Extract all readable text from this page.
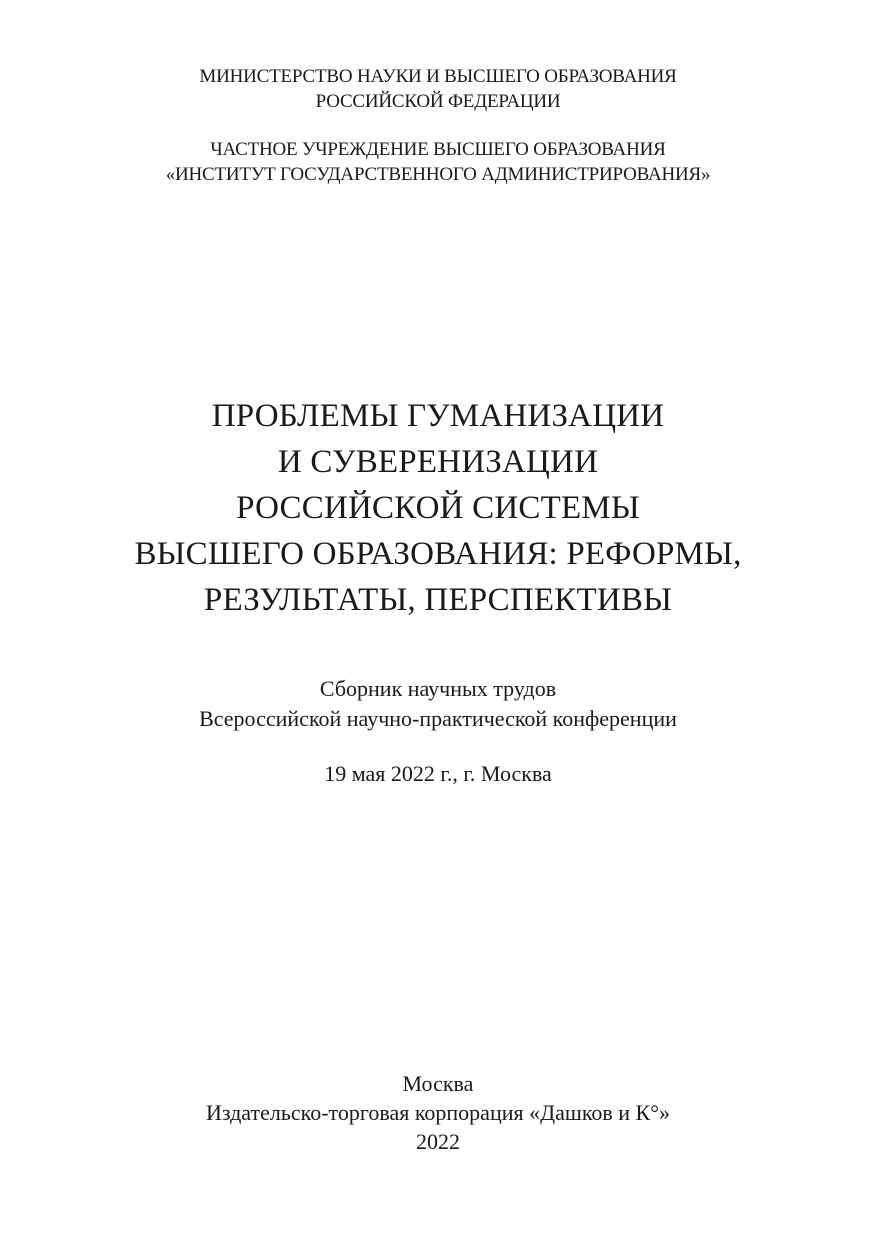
МИНИСТЕРСТВО НАУКИ И ВЫСШЕГО ОБРАЗОВАНИЯ
РОССИЙСКОЙ ФЕДЕРАЦИИ
ЧАСТНОЕ УЧРЕЖДЕНИЕ ВЫСШЕГО ОБРАЗОВАНИЯ
«ИНСТИТУТ ГОСУДАРСТВЕННОГО АДМИНИСТРИРОВАНИЯ»
ПРОБЛЕМЫ ГУМАНИЗАЦИИ
И СУВЕРЕНИЗАЦИИ
РОССИЙСКОЙ СИСТЕМЫ
ВЫСШЕГО ОБРАЗОВАНИЯ: РЕФОРМЫ,
РЕЗУЛЬТАТЫ, ПЕРСПЕКТИВЫ
Сборник научных трудов
Всероссийской научно-практической конференции
19 мая 2022 г., г. Москва
Москва
Издательско-торговая корпорация «Дашков и К°»
2022
